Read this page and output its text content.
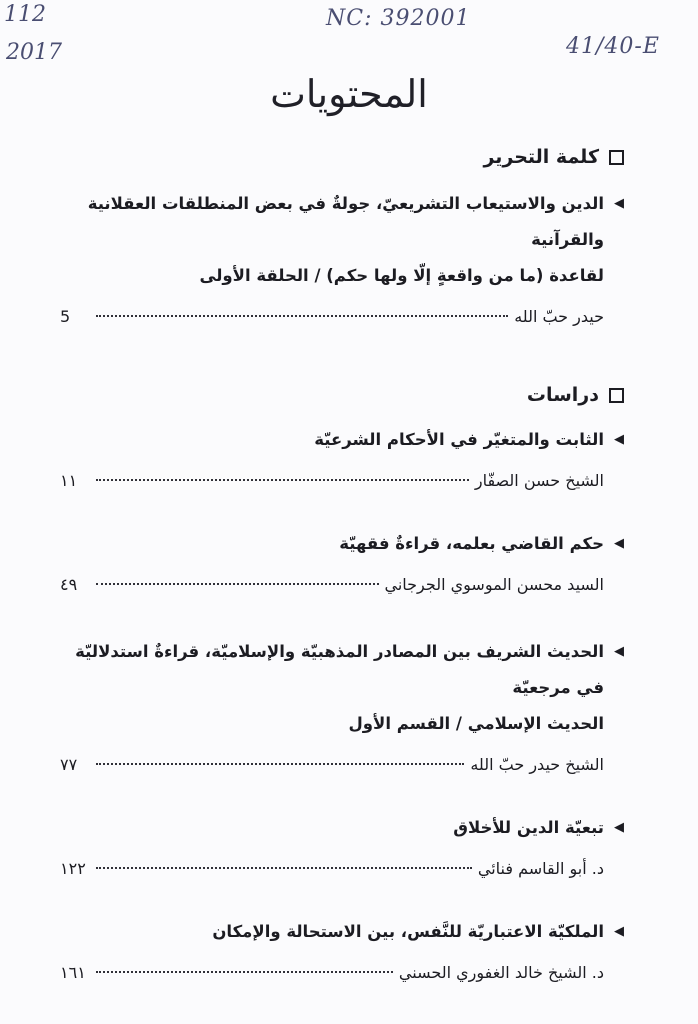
112
2017
NC: 392001
41/40-E
المحتويات
كلمة التحرير
◀
الدين والاستيعاب التشريعيّ، جولةٌ في بعض المنطلقات العقلانية والقرآنية
لقاعدة (ما من واقعةٍ إلّا ولها حكم) / الحلقة الأولى
حيدر حبّ الله
5
دراسات
◀
الثابت والمتغيّر في الأحكام الشرعيّة
الشيخ حسن الصفّار
١١
◀
حكم القاضي بعلمه، قراءةٌ فقهيّة
السيد محسن الموسوي الجرجاني
٤٩
◀
الحديث الشريف بين المصادر المذهبيّة والإسلاميّة، قراءةٌ استدلاليّة في مرجعيّة
الحديث الإسلامي / القسم الأول
الشيخ حيدر حبّ الله
٧٧
◀
تبعيّة الدين للأخلاق
د. أبو القاسم فنائي
١٢٢
◀
الملكيّة الاعتباريّة للنَّفس، بين الاستحالة والإمكان
د. الشيخ خالد الغفوري الحسني
١٦١
